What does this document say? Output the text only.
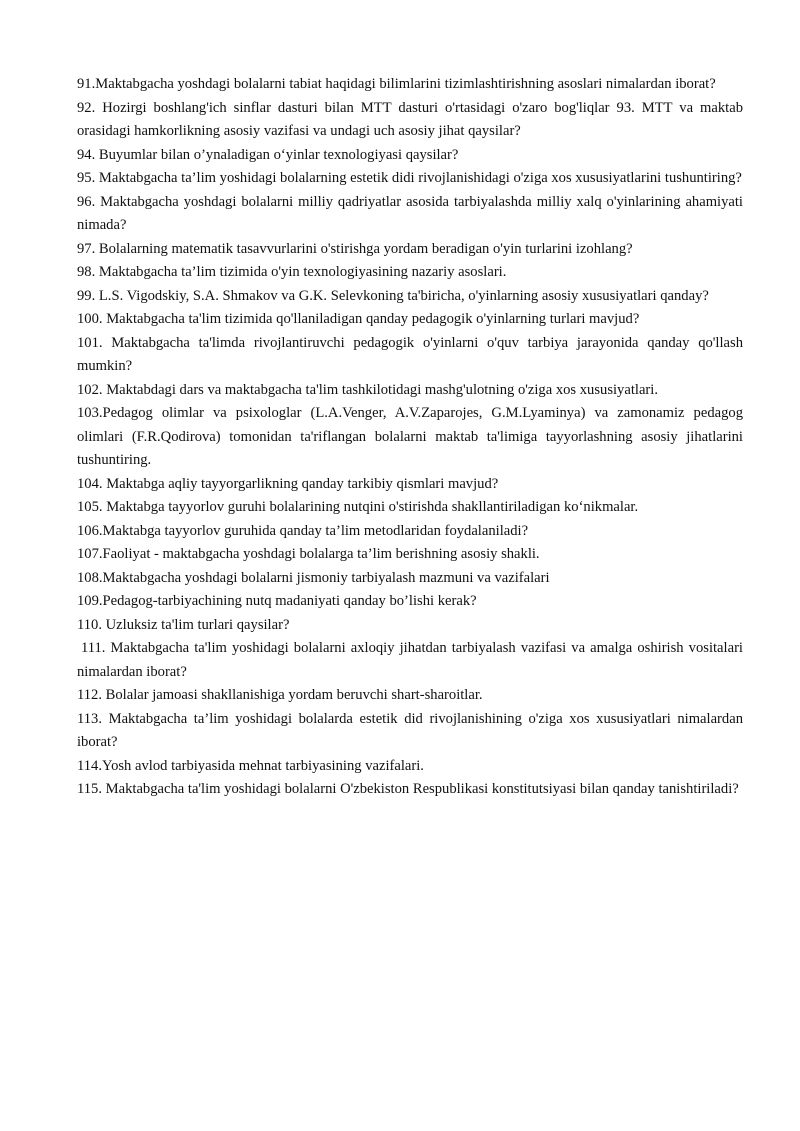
91.Maktabgacha yoshdagi bolalarni tabiat haqidagi bilimlarini tizimlashtirishning asoslari nimalardan iborat?

92. Hozirgi boshlang'ich sinflar dasturi bilan MTT dasturi o'rtasidagi o'zaro bog'liqlar 93. MTT va maktab orasidagi hamkorlikning asosiy vazifasi va undagi uch asosiy jihat qaysilar?

94. Buyumlar bilan o’ynaladigan o‘yinlar texnologiyasi qaysilar?

95. Maktabgacha ta’lim yoshidagi bolalarning estetik didi rivojlanishidagi o'ziga xos xususiyatlarini tushuntiring?

96. Maktabgacha yoshdagi bolalarni milliy qadriyatlar asosida tarbiyalashda milliy xalq o'yinlarining ahamiyati nimada?

97. Bolalarning matematik tasavvurlarini o'stirishga yordam beradigan o'yin turlarini izohlang?

98. Maktabgacha ta’lim tizimida o'yin texnologiyasining nazariy asoslari.

99. L.S. Vigodskiy, S.A. Shmakov va G.K. Selevkoning ta'biricha, o'yinlarning asosiy xususiyatlari qanday?

100. Maktabgacha ta'lim tizimida qo'llaniladigan qanday pedagogik o'yinlarning turlari mavjud?

101. Maktabgacha ta'limda rivojlantiruvchi pedagogik o'yinlarni o'quv tarbiya jarayonida qanday qo'llash mumkin?

102. Maktabdagi dars va maktabgacha ta'lim tashkilotidagi mashg'ulotning o'ziga xos xususiyatlari.

103.Pedagog olimlar va psixologlar (L.A.Venger, A.V.Zaparojes, G.M.Lyaminya) va zamonamiz pedagog olimlari (F.R.Qodirova) tomonidan ta'riflangan bolalarni maktab ta'limiga tayyorlashning asosiy jihatlarini tushuntiring.

104. Maktabga aqliy tayyorgarlikning qanday tarkibiy qismlari mavjud?

105. Maktabga tayyorlov guruhi bolalarining nutqini o'stirishda shakllantiriladigan ko‘nikmalar.

106.Maktabga tayyorlov guruhida qanday ta’lim metodlaridan foydalaniladi?

107.Faoliyat - maktabgacha yoshdagi bolalarga ta’lim berishning asosiy shakli.

108.Maktabgacha yoshdagi bolalarni jismoniy tarbiyalash mazmuni va vazifalari

109.Pedagog-tarbiyachining nutq madaniyati qanday bo’lishi kerak?

110. Uzluksiz ta'lim turlari qaysilar?

111. Maktabgacha ta'lim yoshidagi bolalarni axloqiy jihatdan tarbiyalash vazifasi va amalga oshirish vositalari nimalardan iborat?

112. Bolalar jamoasi shakllanishiga yordam beruvchi shart-sharoitlar.

113. Maktabgacha ta’lim yoshidagi bolalarda estetik did rivojlanishining o'ziga xos xususiyatlari nimalardan iborat?

114.Yosh avlod tarbiyasida mehnat tarbiyasining vazifalari.

115. Maktabgacha ta'lim yoshidagi bolalarni O'zbekiston Respublikasi konstitutsiyasi bilan qanday tanishtiriladi?
